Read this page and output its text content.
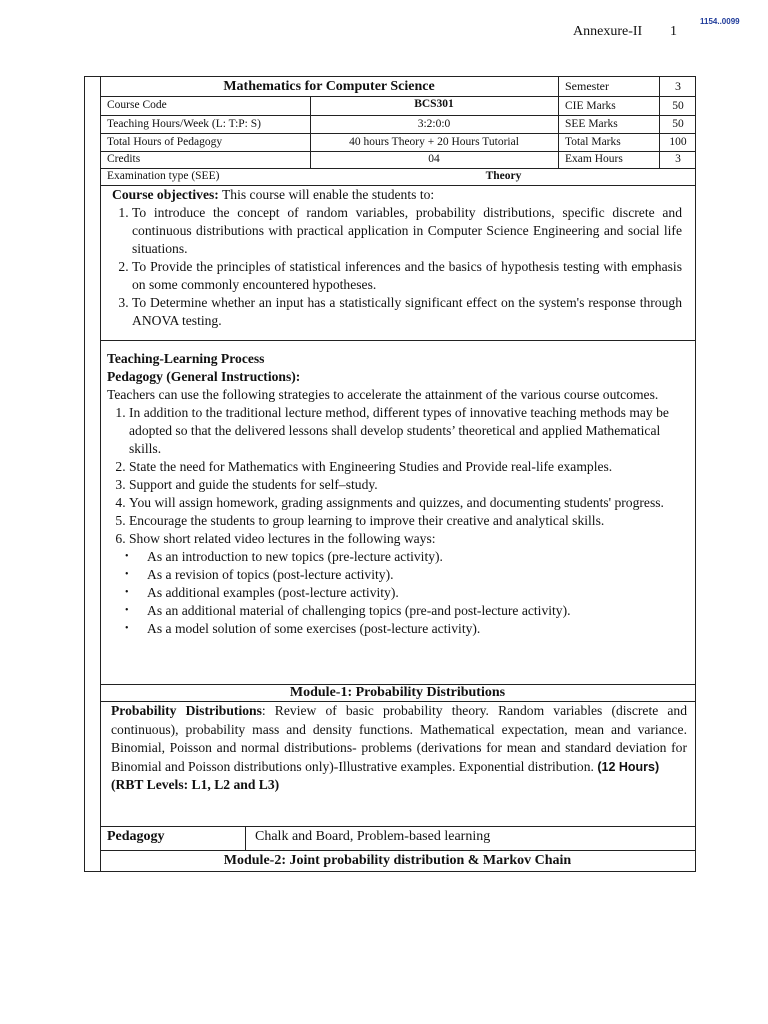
Annexure-II 1
1154..0099
Mathematics for Computer Science	Semester	3
Course Code	BCS301	CIE Marks	50
Teaching Hours/Week (L: T:P: S)	3:2:0:0	SEE Marks	50
Total Hours of Pedagogy	40 hours Theory + 20 Hours Tutorial	Total Marks	100
Credits	04	Exam Hours	3
Examination type (SEE)	Theory

Course objectives: This course will enable the students to:

1. To introduce the concept of random variables, probability distributions, specific discrete and continuous distributions with practical application in Computer Science Engineering and social life situations.
2. To Provide the principles of statistical inferences and the basics of hypothesis testing with emphasis on some commonly encountered hypotheses.
3. To Determine whether an input has a statistically significant effect on the system's response through ANOVA testing.

Teaching-Learning Process

Pedagogy (General Instructions):

Teachers can use the following strategies to accelerate the attainment of the various course outcomes.

1. In addition to the traditional lecture method, different types of innovative teaching methods may be adopted so that the delivered lessons shall develop students’ theoretical and applied Mathematical skills.
2. State the need for Mathematics with Engineering Studies and Provide real-life examples.
3. Support and guide the students for self–study.
4. You will assign homework, grading assignments and quizzes, and documenting students' progress.
5. Encourage the students to group learning to improve their creative and analytical skills.
6. Show short related video lectures in the following ways:
• As an introduction to new topics (pre-lecture activity).
• As a revision of topics (post-lecture activity).
• As additional examples (post-lecture activity).
• As an additional material of challenging topics (pre-and post-lecture activity).
• As a model solution of some exercises (post-lecture activity).
Module-1: Probability Distributions

Probability Distributions: Review of basic probability theory. Random variables (discrete and continuous), probability mass and density functions. Mathematical expectation, mean and variance. Binomial, Poisson and normal distributions- problems (derivations for mean and standard deviation for Binomial and Poisson distributions only)-Illustrative examples. Exponential distribution. (12 Hours)

(RBT Levels: L1, L2 and L3)

Pedagogy	Chalk and Board, Problem-based learning
Module-2: Joint probability distribution & Markov Chain
